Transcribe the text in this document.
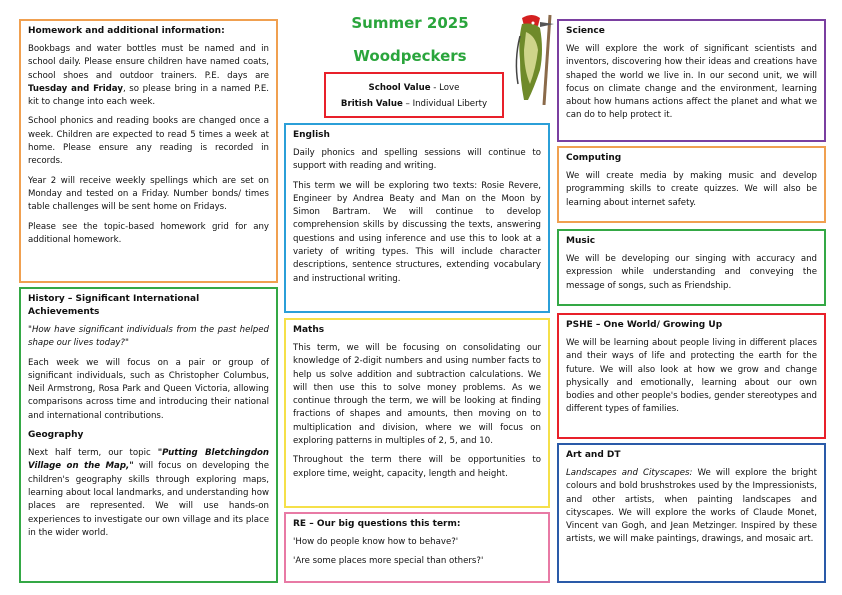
Summer 2025
Woodpeckers
School Value - Love
British Value – Individual Liberty
Homework and additional information:

Bookbags and water bottles must be named and in school daily. Please ensure children have named coats, school shoes and outdoor trainers. P.E. days are Tuesday and Friday, so please bring in a named P.E. kit to change into each week.

School phonics and reading books are changed once a week. Children are expected to read 5 times a week at home. Please ensure any reading is recorded in records.

Year 2 will receive weekly spellings which are set on Monday and tested on a Friday. Number bonds/ times table challenges will be sent home on Fridays.

Please see the topic-based homework grid for any additional homework.

History – Significant International Achievements

"How have significant individuals from the past helped shape our lives today?"

Each week we will focus on a pair or group of significant individuals, such as Christopher Columbus, Neil Armstrong, Rosa Park and Queen Victoria, allowing comparisons across time and introducing their national and international contributions.

Geography

Next half term, our topic "Putting Bletchingdon Village on the Map," will focus on developing the children's geography skills through exploring maps, learning about local landmarks, and understanding how places are represented. We will use hands-on experiences to investigate our own village and its place in the wider world.

English

Daily phonics and spelling sessions will continue to support with reading and writing.

This term we will be exploring two texts: Rosie Revere, Engineer by Andrea Beaty and Man on the Moon by Simon Bartram. We will continue to develop comprehension skills by discussing the texts, answering questions and using inference and use this to look at a variety of writing types. This will include character descriptions, sentence structures, extending vocabulary and instructional writing.

Maths

This term, we will be focusing on consolidating our knowledge of 2-digit numbers and using number facts to help us solve addition and subtraction calculations. We will then use this to solve money problems. As we continue through the term, we will be looking at finding fractions of shapes and amounts, then moving on to multiplication and division, where we will focus on exploring patterns in multiples of 2, 5, and 10.

Throughout the term there will be opportunities to explore time, weight, capacity, length and height.

RE – Our big questions this term:

'How do people know how to behave?'

'Are some places more special than others?'

Science

We will explore the work of significant scientists and inventors, discovering how their ideas and creations have shaped the world we live in. In our second unit, we will focus on climate change and the environment, learning about how humans actions affect the planet and what we can do to help protect it.

Computing

We will create media by making music and develop programming skills to create quizzes. We will also be learning about internet safety.

Music

We will be developing our singing with accuracy and expression while understanding and conveying the message of songs, such as Friendship.

PSHE – One World/ Growing Up

We will be learning about people living in different places and their ways of life and protecting the earth for the future. We will also look at how we grow and change physically and emotionally, learning about our own bodies and other people's bodies, gender stereotypes and different types of families.

Art and DT

Landscapes and Cityscapes: We will explore the bright colours and bold brushstrokes used by the Impressionists, and other artists, when painting landscapes and cityscapes. We will explore the works of Claude Monet, Vincent van Gogh, and Jean Metzinger. Inspired by these artists, we will make paintings, drawings, and mosaic art.
